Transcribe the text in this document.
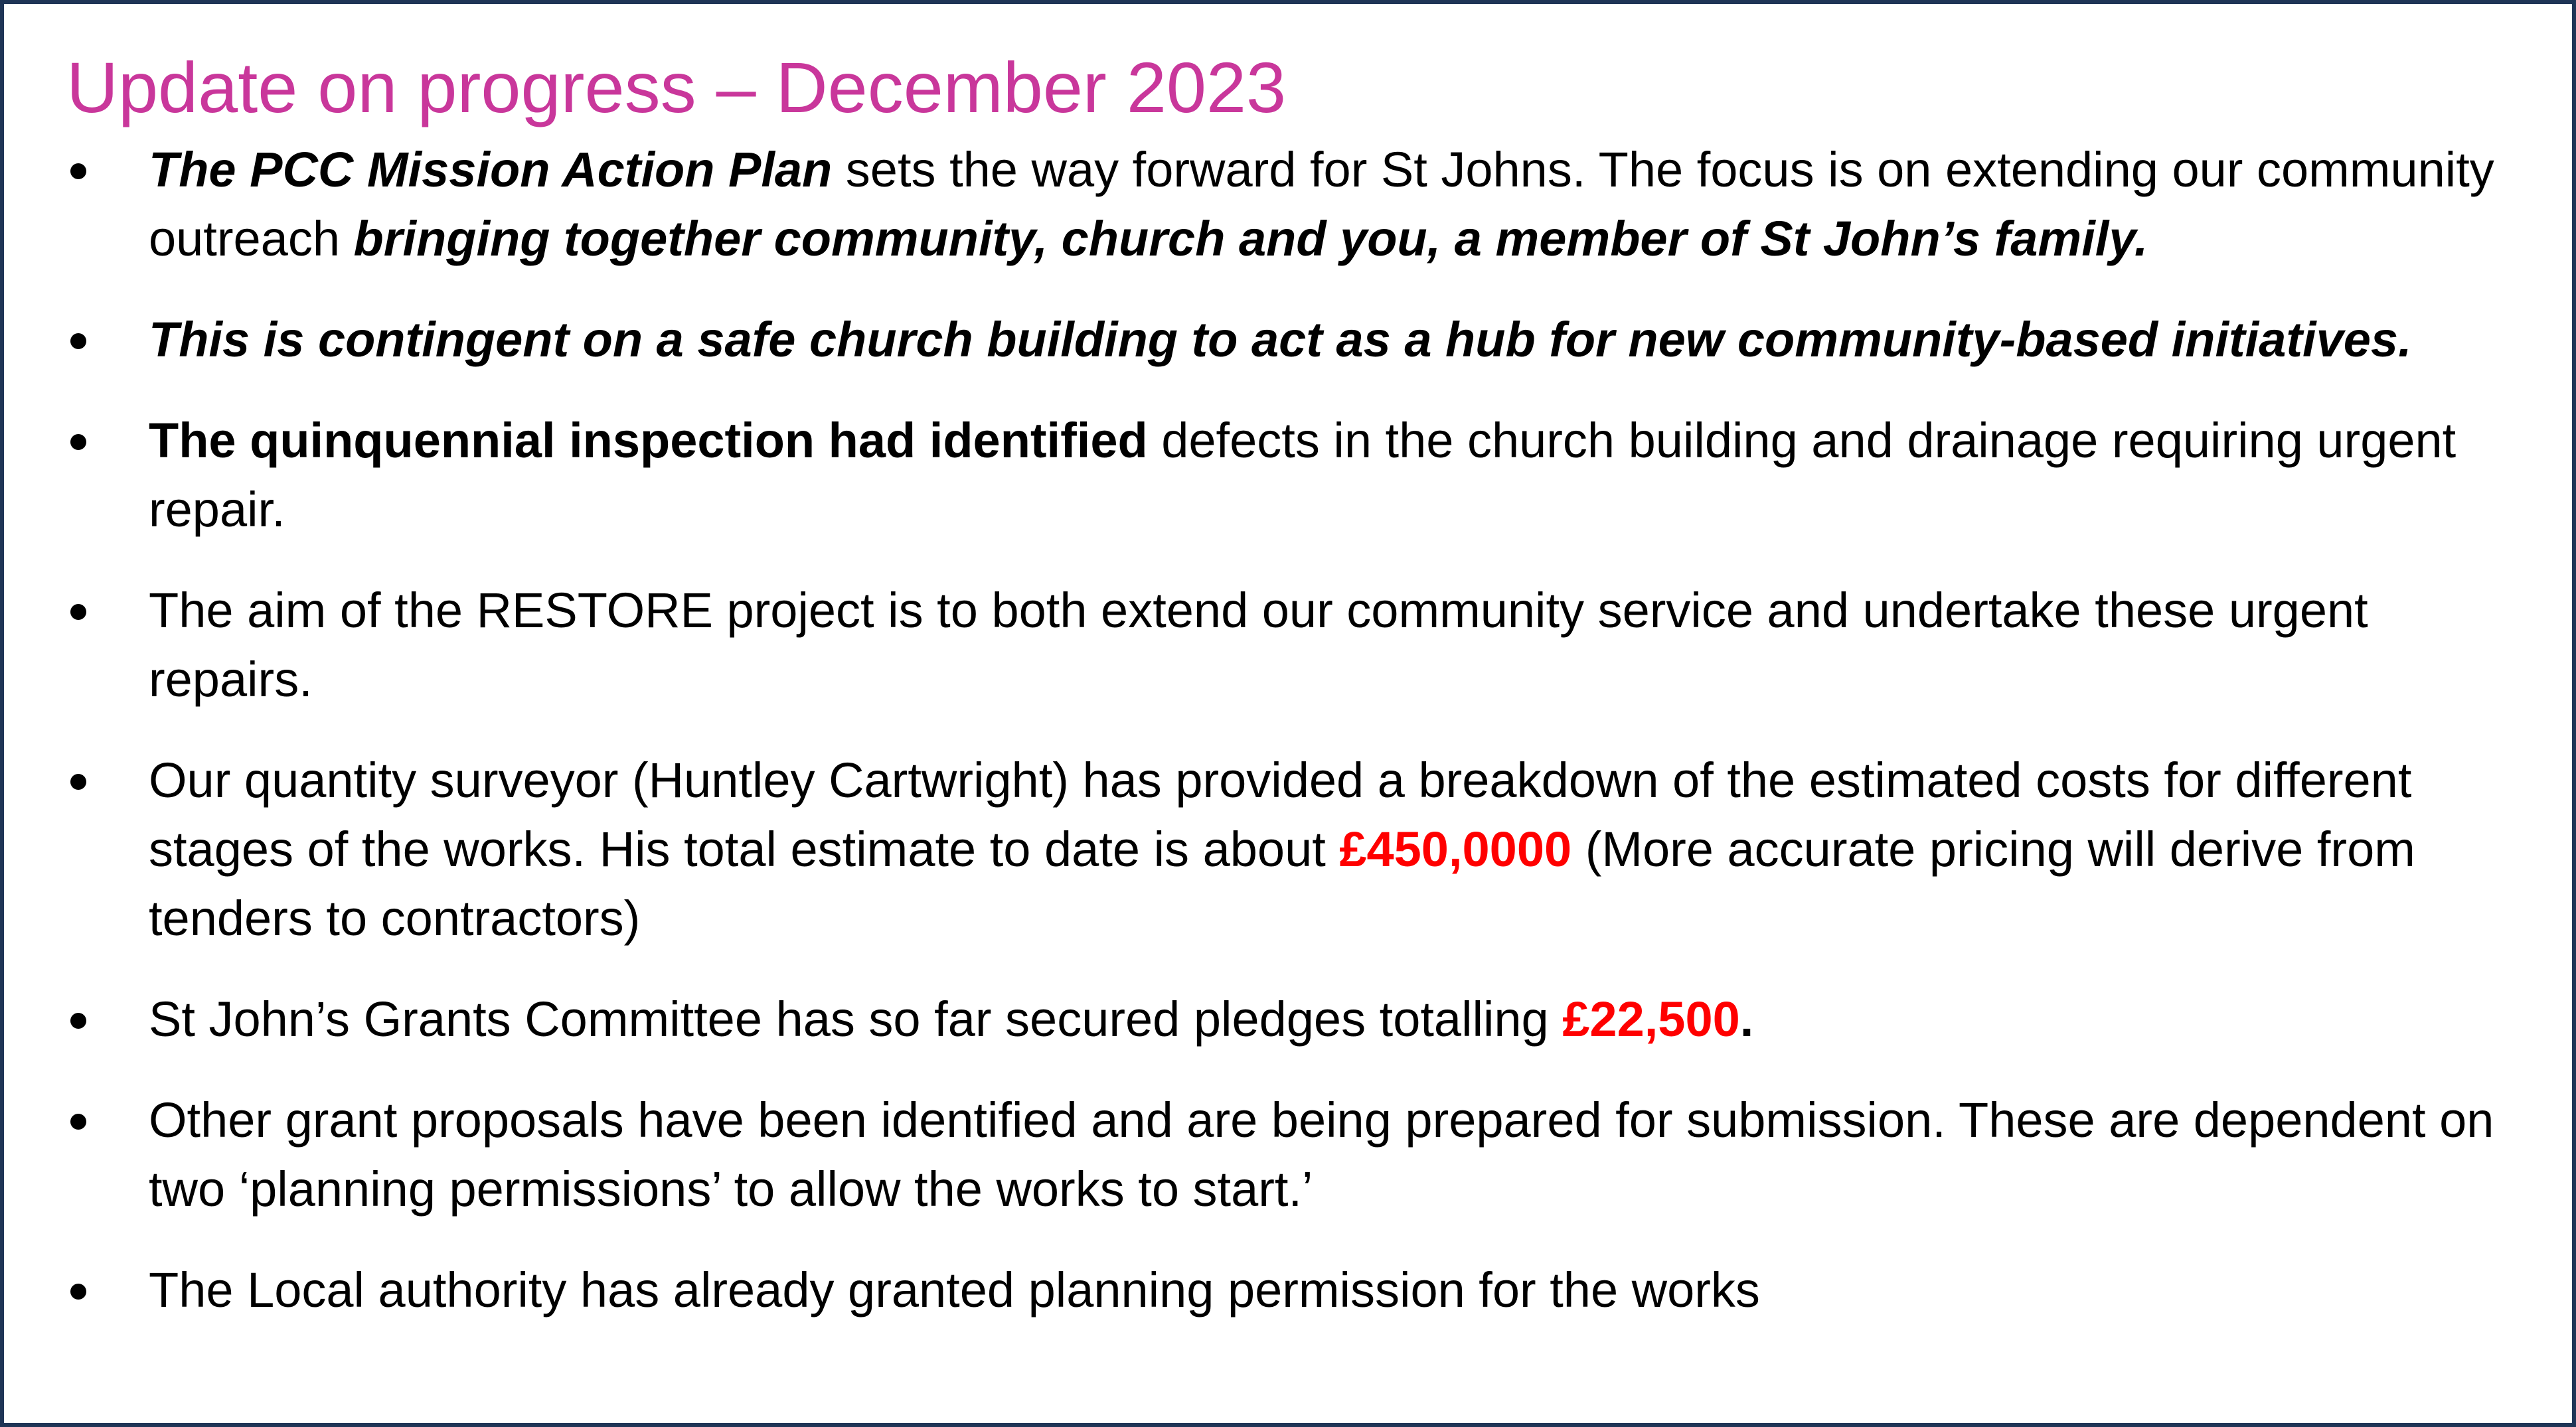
Update on progress – December 2023
The PCC Mission Action Plan sets the way forward for St Johns. The focus is on extending our community outreach bringing together community, church and you, a member of St John’s family.
This is contingent on a safe church building to act as a hub for new community-based initiatives.
The quinquennial inspection had identified defects in the church building and drainage requiring urgent repair.
The aim of the RESTORE project is to both extend our community service and undertake these urgent repairs.
Our quantity surveyor (Huntley Cartwright) has provided a breakdown of the estimated costs for different stages of the works. His total estimate to date is about £450,0000 (More accurate pricing will derive from tenders to contractors)
St John’s Grants Committee has so far secured pledges totalling £22,500.
Other grant proposals have been identified and are being prepared for submission. These are dependent on two ‘planning permissions’ to allow the works to start.’
The Local authority has already granted planning permission for the works
